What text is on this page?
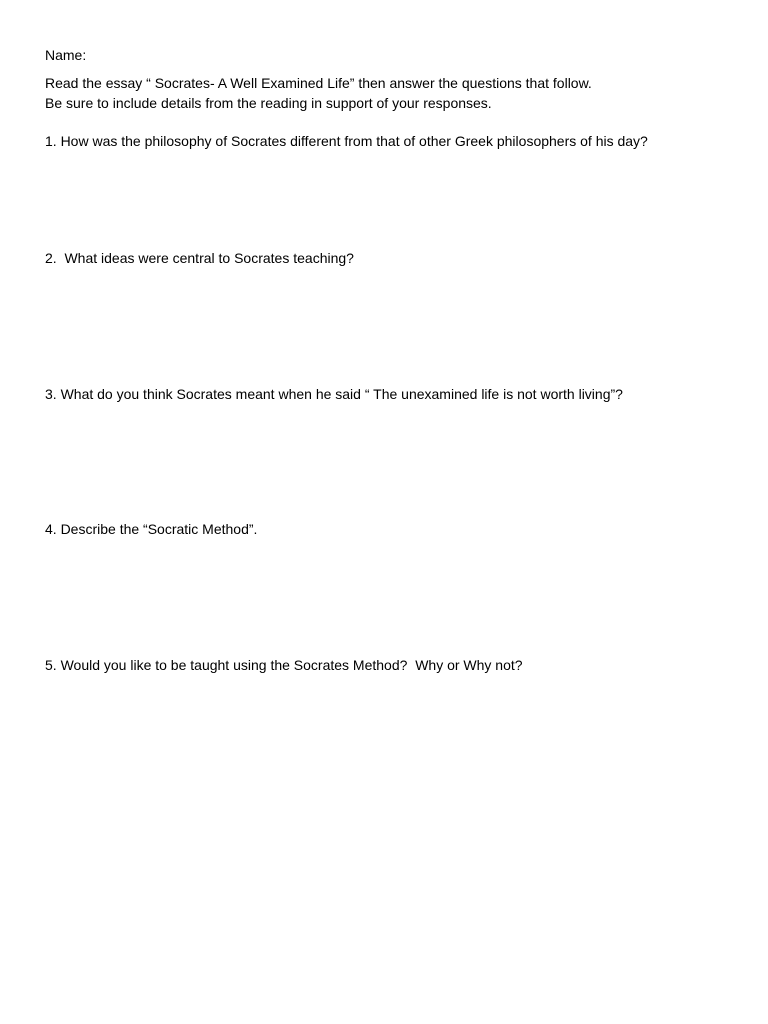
Name:
Read the essay “ Socrates- A Well Examined Life” then answer the questions that follow.
Be sure to include details from the reading in support of your responses.
1. How was the philosophy of Socrates different from that of other Greek philosophers of his day?
2.  What ideas were central to Socrates teaching?
3. What do you think Socrates meant when he said “ The unexamined life is not worth living”?
4. Describe the “Socratic Method”.
5. Would you like to be taught using the Socrates Method?  Why or Why not?
